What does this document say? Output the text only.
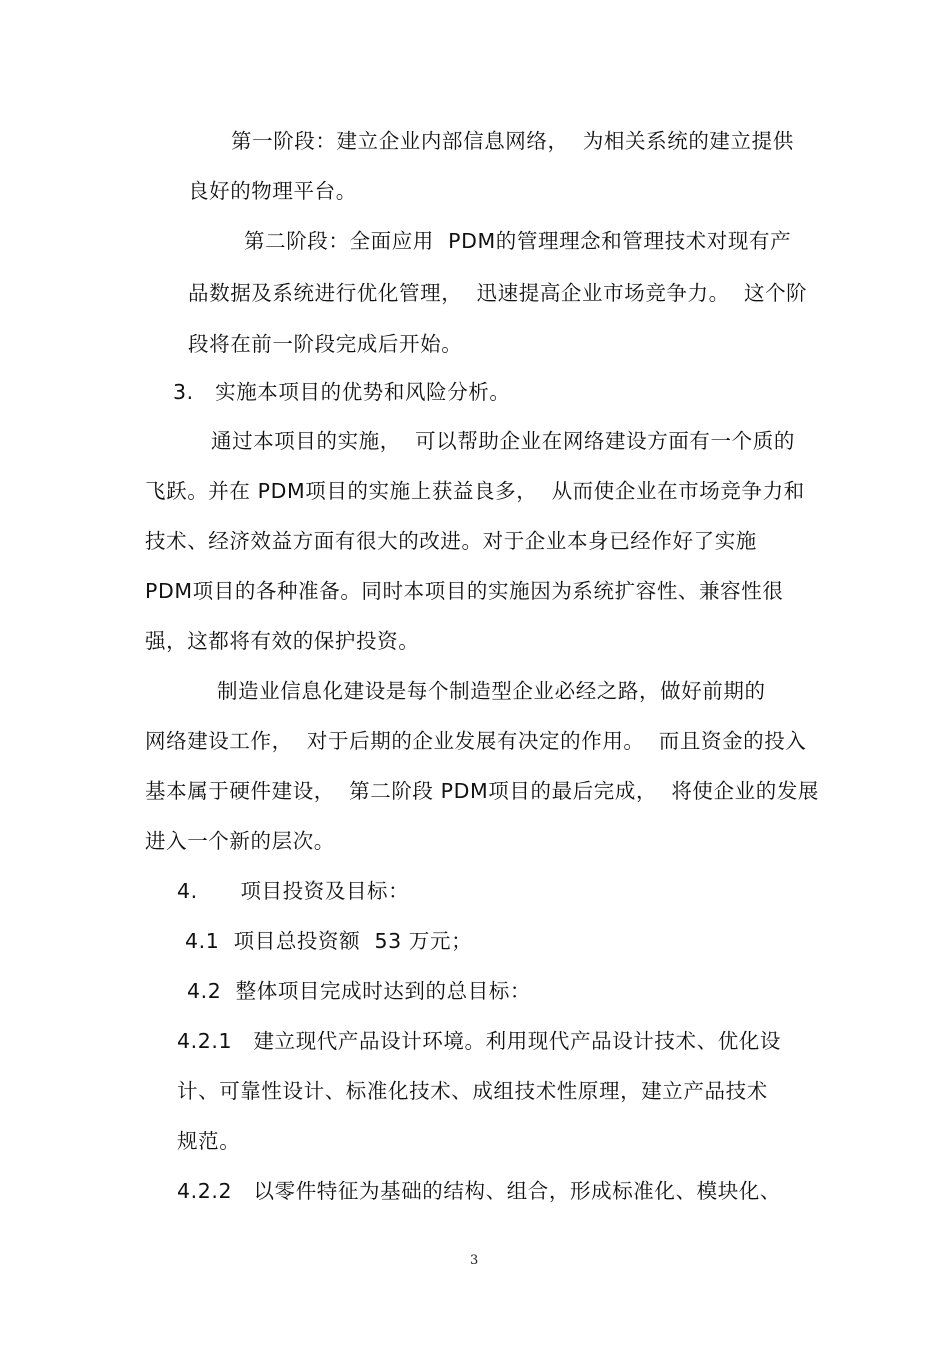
第一阶段：建立企业内部信息网络，  为相关系统的建立提供
良好的物理平台。
第二阶段：全面应用  PDM的管理理念和管理技术对现有产
品数据及系统进行优化管理，  迅速提高企业市场竞争力。  这个阶
段将在前一阶段完成后开始。
3.   实施本项目的优势和风险分析。
通过本项目的实施，  可以帮助企业在网络建设方面有一个质的
飞跃。并在 PDM项目的实施上获益良多，  从而使企业在市场竞争力和
技术、经济效益方面有很大的改进。对于企业本身已经作好了实施
PDM项目的各种准备。同时本项目的实施因为系统扩容性、兼容性很
强，这都将有效的保护投资。
制造业信息化建设是每个制造型企业必经之路，做好前期的
网络建设工作，  对于后期的企业发展有决定的作用。  而且资金的投入
基本属于硬件建设，  第二阶段 PDM项目的最后完成，  将使企业的发展
进入一个新的层次。
4.      项目投资及目标：
4.1  项目总投资额  53 万元；
4.2  整体项目完成时达到的总目标：
4.2.1   建立现代产品设计环境。利用现代产品设计技术、优化设
计、可靠性设计、标准化技术、成组技术性原理，建立产品技术
规范。
4.2.2   以零件特征为基础的结构、组合，形成标准化、模块化、
3
